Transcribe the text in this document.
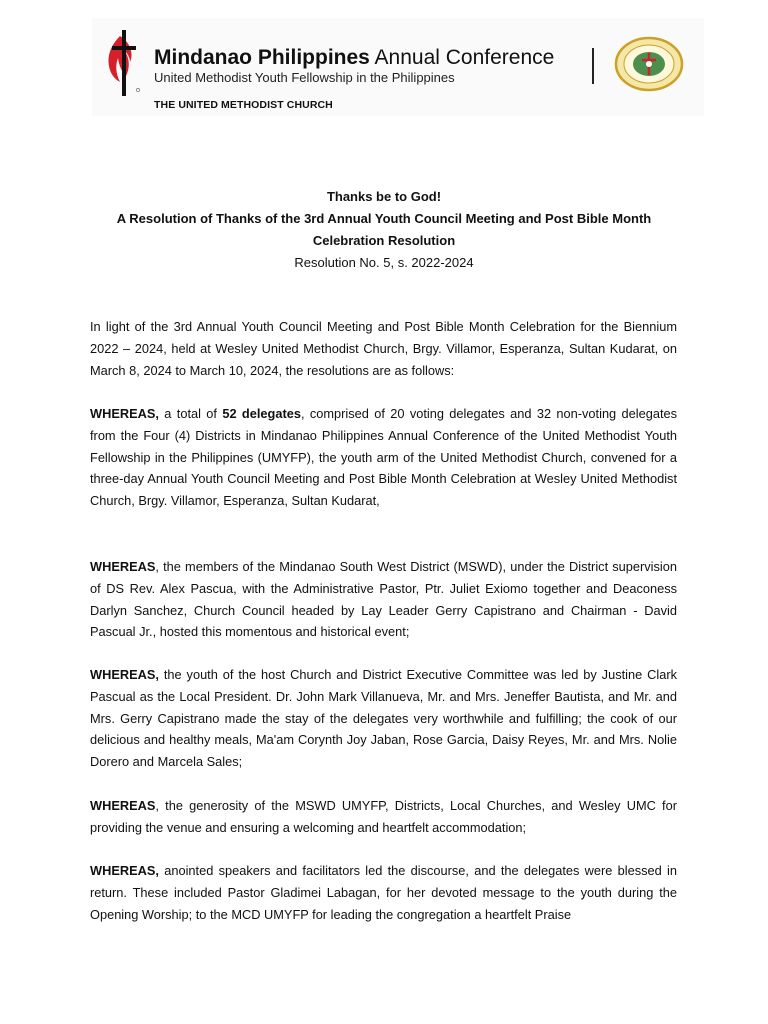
Mindanao Philippines Annual Conference
United Methodist Youth Fellowship in the Philippines
THE UNITED METHODIST CHURCH
Thanks be to God!
A Resolution of Thanks of the 3rd Annual Youth Council Meeting and Post Bible Month
Celebration Resolution
Resolution No. 5, s. 2022-2024

In light of the 3rd Annual Youth Council Meeting and Post Bible Month Celebration for the Biennium 2022 – 2024, held at Wesley United Methodist Church, Brgy. Villamor, Esperanza, Sultan Kudarat, on March 8, 2024 to March 10, 2024, the resolutions are as follows:

WHEREAS, a total of 52 delegates, comprised of 20 voting delegates and 32 non-voting delegates from the Four (4) Districts in Mindanao Philippines Annual Conference of the United Methodist Youth Fellowship in the Philippines (UMYFP), the youth arm of the United Methodist Church, convened for a three-day Annual Youth Council Meeting and Post Bible Month Celebration at Wesley United Methodist Church, Brgy. Villamor, Esperanza, Sultan Kudarat,

WHEREAS, the members of the Mindanao South West District (MSWD), under the District supervision of DS Rev. Alex Pascua, with the Administrative Pastor, Ptr. Juliet Exiomo together and Deaconess Darlyn Sanchez, Church Council headed by Lay Leader Gerry Capistrano and Chairman - David Pascual Jr., hosted this momentous and historical event;

WHEREAS, the youth of the host Church and District Executive Committee was led by Justine Clark Pascual as the Local President. Dr. John Mark Villanueva, Mr. and Mrs. Jeneffer Bautista, and Mr. and Mrs. Gerry Capistrano made the stay of the delegates very worthwhile and fulfilling; the cook of our delicious and healthy meals, Ma'am Corynth Joy Jaban, Rose Garcia, Daisy Reyes, Mr. and Mrs. Nolie Dorero and Marcela Sales;

WHEREAS, the generosity of the MSWD UMYFP, Districts, Local Churches, and Wesley UMC for providing the venue and ensuring a welcoming and heartfelt accommodation;

WHEREAS, anointed speakers and facilitators led the discourse, and the delegates were blessed in return. These included Pastor Gladimei Labagan, for her devoted message to the youth during the Opening Worship; to the MCD UMYFP for leading the congregation a heartfelt Praise
